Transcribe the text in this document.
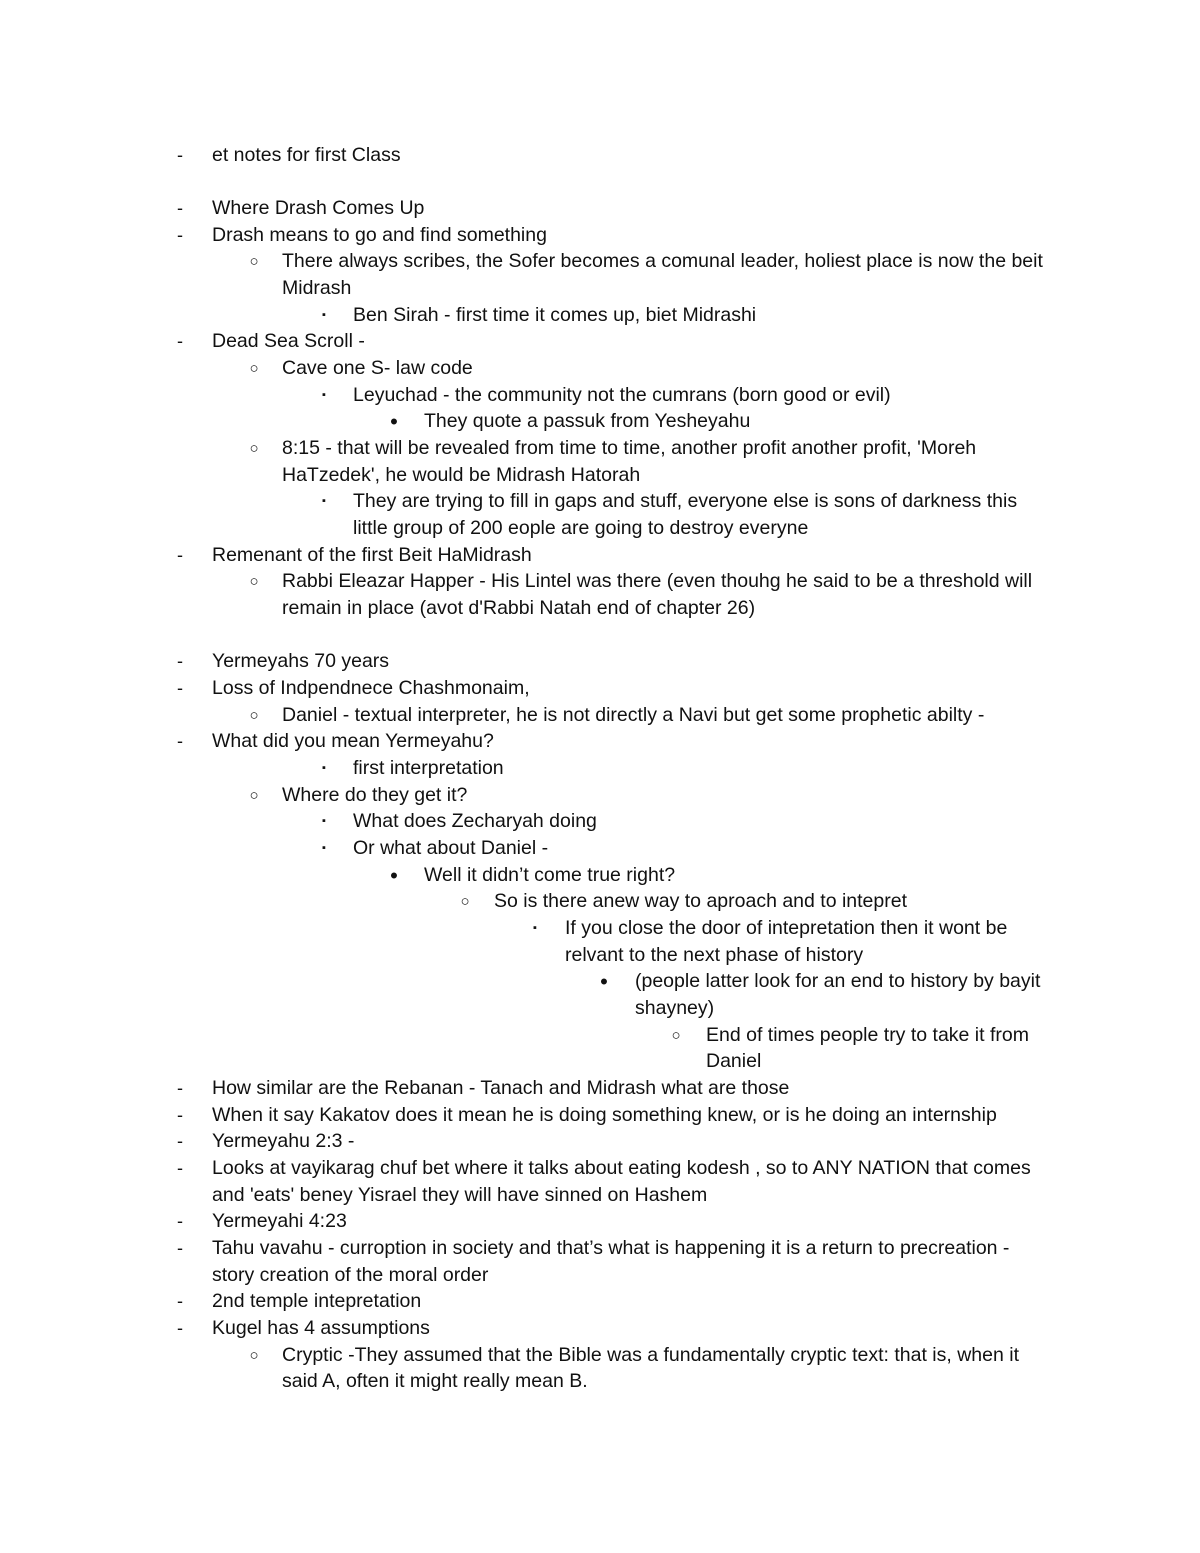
-	et notes for first Class
-	Where Drash Comes Up
-	Drash means to go and find something
○ There always scribes, the Sofer becomes a comunal leader, holiest place is now the beit
Midrash
▪	Ben Sirah - first time it comes up, biet Midrashi
-	Dead Sea Scroll -
○ Cave one S- law code
▪	Leyuchad - the community not the cumrans (born good or evil)
•	They quote a passuk from Yesheyahu
○ 8:15 - that will be revealed from time to time, another profit another profit, 'Moreh
HaTzedek', he would be Midrash Hatorah
▪	They are trying to fill in gaps and stuff, everyone else is sons of darkness this
little group of 200 eople are going to destroy everyne
-	Remenant of the first Beit HaMidrash
○ Rabbi Eleazar Happer - His Lintel was there (even thouhg he said to be a threshold will
remain in place (avot d'Rabbi Natah end of chapter 26)
-	Yermeyahs 70 years
-	Loss of Indpendnece Chashmonaim,
○ Daniel - textual interpreter, he is not directly a Navi but get some prophetic abilty -
-	What did you mean Yermeyahu?
▪	first interpretation
○ Where do they get it?
▪	What does Zecharyah doing
▪	Or what about Daniel -
•	Well it didn’t come true right?
○ So is there anew way to aproach and to intepret
▪	If you close the door of intepretation then it wont be
relvant to the next phase of history
•	(people latter look for an end to history by bayit
shayney)
○ End of times people try to take it from
Daniel
-	How similar are the Rebanan - Tanach and Midrash what are those
-	When it say Kakatov does it mean he is doing something knew, or is he doing an internship
-	Yermeyahu 2:3 -
-	Looks at vayikarag chuf bet where it talks about eating kodesh , so to ANY NATION that comes
and 'eats' beney Yisrael they will have sinned on Hashem
-	Yermeyahi 4:23
-	Tahu vavahu - curroption in society and that’s what is happening it is a return to precreation -
story creation of the moral order
-	2nd temple intepretation
-	Kugel has 4 assumptions
○ Cryptic -They assumed that the Bible was a fundamentally cryptic text: that is, when it
said A, often it might really mean B.
